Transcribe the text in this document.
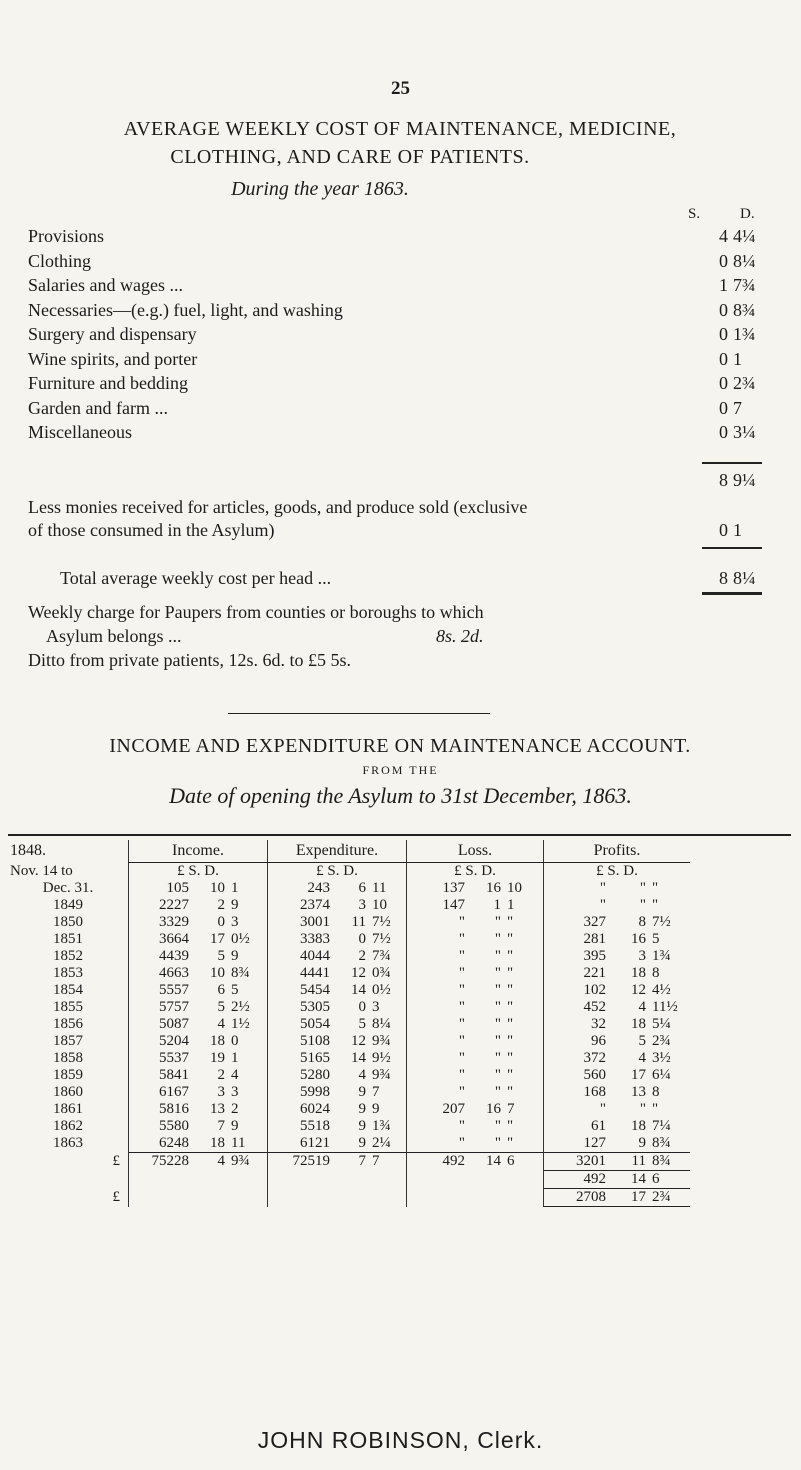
25
AVERAGE WEEKLY COST OF MAINTENANCE, MEDICINE,
CLOTHING, AND CARE OF PATIENTS.
During the year 1863.
S.	D.
Provisions	4 4¼
Clothing	0 8¼
Salaries and wages ...	1 7¾
Necessaries—(e.g.) fuel, light, and washing	0 8¾
Surgery and dispensary	0 1¾
Wine spirits, and porter	0 1
Furniture and bedding	0 2¾
Garden and farm ...	0 7
Miscellaneous	0 3¼
8 9¼
Less monies received for articles, goods, and produce sold (exclusive
of those consumed in the Asylum)	0 1
Total average weekly cost per head ...	8 8¼
Weekly charge for Paupers from counties or boroughs to which
Asylum belongs ...	8s. 2d.
Ditto from private patients, 12s. 6d. to £5 5s.
INCOME AND EXPENDITURE ON MAINTENANCE ACCOUNT.
FROM THE
Date of opening the Asylum to 31st December, 1863.
1848.	Income.			Expenditure.			Loss.			Profits.		
Nov. 14 to	£ S. D.			£ S. D.			£ S. D.			£ S. D.		
Dec. 31.	105	10	1	243	6	11	137	16	10	"	"	"
1849	2227	2	9	2374	3	10	147	1	1	"	"	"
1850	3329	0	3	3001	11	7½	"	"	"	327	8	7½
1851	3664	17	0½	3383	0	7½	"	"	"	281	16	5
1852	4439	5	9	4044	2	7¾	"	"	"	395	3	1¾
1853	4663	10	8¾	4441	12	0¾	"	"	"	221	18	8
1854	5557	6	5	5454	14	0½	"	"	"	102	12	4½
1855	5757	5	2½	5305	0	3	"	"	"	452	4	11½
1856	5087	4	1½	5054	5	8¼	"	"	"	32	18	5¼
1857	5204	18	0	5108	12	9¾	"	"	"	96	5	2¾
1858	5537	19	1	5165	14	9½	"	"	"	372	4	3½
1859	5841	2	4	5280	4	9¾	"	"	"	560	17	6¼
1860	6167	3	3	5998	9	7	"	"	"	168	13	8
1861	5816	13	2	6024	9	9	207	16	7	"	"	"
1862	5580	7	9	5518	9	1¾	"	"	"	61	18	7¼
1863	6248	18	11	6121	9	2¼	"	"	"	127	9	8¾
£	75228	4	9¾	72519	7	7	492	14	6	3201	11	8¾
										492	14	6
£										2708	17	2¾
JOHN ROBINSON, Clerk.
